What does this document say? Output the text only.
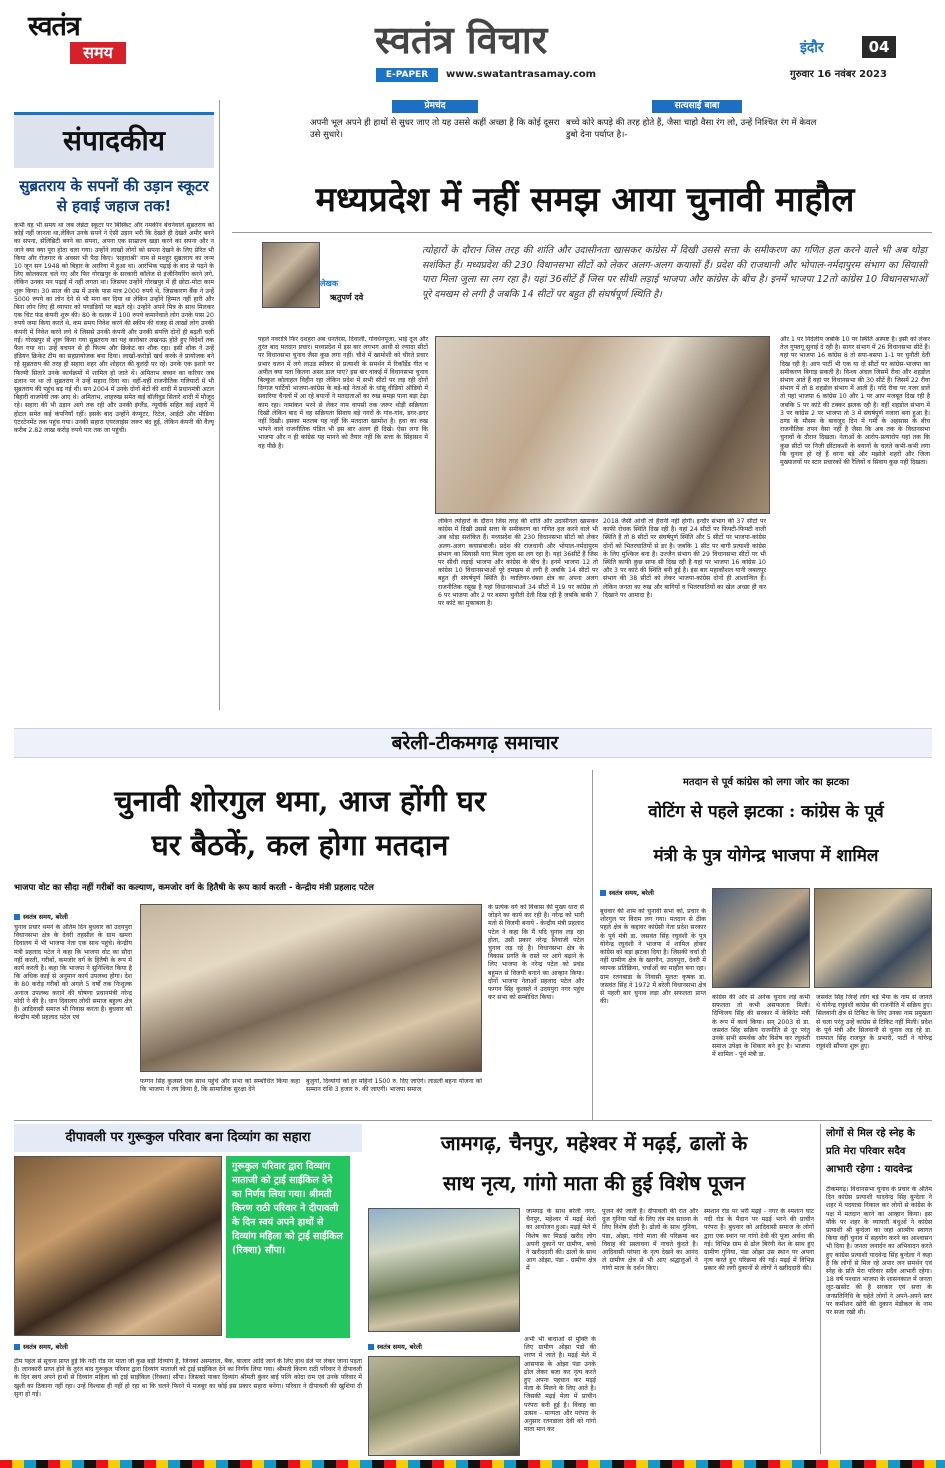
स्वतंत्र
समय	स्वतंत्र विचार
E-PAPER	www.swatantrasamay.com
इंदौर	04
गुरुवार 16 नवंबर 2023
संपादकीय
सुब्रतराय के सपनों की उड़ान स्कूटर से हवाई जहाज तक!
कभी वह भी समय था जब लंब्रेटा स्कूटर पर बिस्किट और नमकीन बेचनेवाले सुब्रतराय को कोई नहीं जानता था,लेकिन उनके सपने ने ऐसी उड़ान भरी कि देखते ही देखते अमीर बनने का सपना, सेलिब्रिटी बनने का सपना, अपना एक साम्राज्य खड़ा करने का सपना और न जाने क्या क्या पूरा होता चला गया। उन्होंने लाखों लोगों को सपना देखने के लिए प्रेरित भी किया और रोजगार के अवसर भी पैदा किए। 'सहाराश्री' नाम से मशहूर सुब्रतराय का जन्म 10 जून सन 1948 को बिहार के अररिया में हुआ था। आरंभिक पढ़ाई के बाद से पढ़ने के लिए कोलकाता चले गए और फिर गोरखपुर के सरकारी कॉलेज से इंजीनियरिंग करने लगे, लेकिन उनका मन पढ़ाई में नहीं लगता था। जिसपर उन्होंने गोरखपुर में ही छोटा-मोटा काम शुरू किया। 30 साल की उम्र में उनके पास मात्र 2000 रुपये थे, जिसकारण बैंक ने उन्हें 5000 रुपये का लोन देने से भी मना कर दिया था लेकिन उन्होंने हिम्मत नहीं हारी और बिना लोन लिए ही व्यापार को पगडंडियों पर बढ़ते रहे। उन्होंने अपने मित्र के साथ मिलकर एक चिट फंड कंपनी शुरू की। 80 के दशक में 100 रुपये कमानेवाले लोग उनके पास 20 रुपये जमा किया करते थे, कम समय निवेश करने की स्कीम की वजह से लाखों लोग उनकी कंपनी में निवेश करने लगे थे जिससे उनकी कंपनी और उनकी संपत्ति दोनों ही बढ़ती चली गई। गोरखपुर से शुरू किया गया सुब्रतराय का यह कारोबार लखनऊ होते हुए विदेशों तक फैल गया था। उन्हें बचपन से ही फिल्म और क्रिकेट का शौक रहा। इसी शौक ने उन्हें इंडियन क्रिकेट टीम का सहप्रायोजक बना दिया। लाखों-करोड़ों खर्च करके वे प्रायोजक बने रहे सुब्रतराय की तरह ही सहारा शहर और शोहरत की बुलंदी पर रहे। उनके एक इशारे पर फिल्मी सितारे उनके कार्यक्रमों में शामिल हो जाते थे। अमिताभ बच्चन का करियर जब ढलान पर था तो सुब्रतराय ने उन्हें सहारा दिया था। वहीं-वहीं राजनीतिक गलियारों में भी सुब्रतराय की पहुंच बढ़ गई थी। सन 2004 में उनके दोनों बेटों की शादी में प्रधानमंत्री अटल बिहारी वाजपेयी तक आए थे। अमिताभ, शाहरुख समेत कई बॉलीवुड सितारे शादी में मौजूद रहे। सहारा की भी उड़ान आगे तक रही और उनकी इंग्लैंड, न्यूयॉर्क सहित कई शहरों में होटल समेत कई कंपनियाँ रहीं। इसके बाद उन्होंने कंप्यूटर, रिटेल, आईटी और मीडिया एंटरटेनमेंट तक पहुंच गया। उनकी सहारा एयरलाइंस जरूर बंद हुई, लेकिन कंपनी की वैल्यू करीब 2.82 लाख करोड़ रुपये पार तक जा पहुंची।
प्रेमचंद
अपनी भूल अपने ही हाथों से सुधर जाए तो यह उससे कहीं अच्छा है कि कोई दूसरा उसे सुधारे।
सत्यसाई बाबा
बच्चे कोरे कपड़े की तरह होते हैं, जैसा चाहो वैसा रंग लो, उन्हें निश्चित रंग में केवल डुबो देना पर्याप्त है।-
मध्यप्रदेश में नहीं समझ आया चुनावी माहौल
लेखक
ऋतुपर्ण दवे
त्योहारों के दौरान जिस तरह की शांति और उदासीनता खासकर कांग्रेस में दिखी उससे सत्ता के समीकरण का गणित हल करने वाले भी अब थोड़ा सशंकित हैं। मध्यप्रदेश की 230 विधानसभा सीटों को लेकर अलग-अलग कयासों हैं। प्रदेश की राजधानी और भोपाल-नर्मदापुरम संभाग का सियासी पारा मिला जुला सा लग रहा है। यहां 36सीटें हैं जिस पर सीधी लड़ाई भाजपा और कांग्रेस के बीच है। इनमें भाजपा 12तो कांग्रेस 10 विधानसभाओं पूरे दमखम से लगी है जबकि 14 सीटों पर बहुत ही संघर्षपूर्ण स्थिति है।
पहले नवरात्रि फिर दशहरा अब धनतेरस, दिवाली, गोवर्धनपूजा, भाई दूज और तुरंत बाद मतदान प्रचार। मध्यप्रदेश में इस बार लगभग आधी से ज्यादा सीटों पर विधानसभा चुनाव जैसा कुछ लगा नहीं। चौथे में खामोशी को चीरते प्रचार प्रभार चलन में लगे लाउड स्पीकर से प्रत्याशी के समर्थन में रिकॉर्डेड गीत व अपील क्या पता कितना असर डाल पाए? इस बार वाकई में विधानसभा चुनाव बिल्कुल कोलाहल विहीन रहा लेकिन प्रदेश में सभी सीटों पर लड़ रही दोनों दिग्गज पार्टियों भाजपा-कांग्रेस के बड़े-बड़े नेताओं के धांसू वीडियो ऑडियो में सवारिया चैनलों में आ रहे बयानों ने मतदाताओं का रुख समझ पाना बड़ा टेढ़ा काम रहा। नामांकन भरने से लेकर नाम वापसी तक जरूर थोड़ी सक्रियता दिखी लेकिन बाद में वह सक्रियता सिवाय बड़े नगरों के गांव-गांव, डगर-डगर नहीं दिखी। इसका मतलब यह नहीं कि मतदाता खामोश है। हवा का रुख भांपने वाले राजनीतिक पंडित भी इस बार अलग ही दिखे। ऐसा लगा कि भाजपा और न ही कांग्रेस यह मानने को तैयार नहीं कि सत्ता के सिंहासन में वह पीछे है।
लेकिन त्योहारों के दौरान जिस तरह की शांति और उदासीनता खासकर कांग्रेस में दिखी उससे सत्ता के समीकरण का गणित हल करने वाले भी अब थोड़ा सशंकित हैं। मध्यप्रदेश की 230 विधानसभा सीटों को लेकर अलग-अलग कयासबाजी। प्रदेश की राजधानी और भोपाल-नर्मदापुरम संभाग का सियासी पारा मिला जुला सा लग रहा है। यहां 36सीटें हैं जिस पर सीधी लड़ाई भाजपा और कांग्रेस के बीच है। इनमें भाजपा 12 तो कांग्रेस 10 विधानसभाओं पूरे दमखम से लगी है जबकि 14 सीटों पर बहुत ही संघर्षपूर्ण स्थिति है। ग्वालियर-चंबल क्षेत्र का अपना अलग राजनीतिक रसूख है यहां विधानसभाओं 34 सीटों में 19 पर कांग्रेस तो 6 पर भाजपा और 2 पर बसपा चुनौती देती दिख रही है जबकि बाकी 7 पर कांटे का मुकाबला है।
2018 जैसी आंधी तो हैरानी नहीं होगी। इन्दौर संभाग की 37 सीटों पर काफी रोचक स्थिति दिख रही है। यहां 24 सीटों पर फिफ्टी-फिफ्टी वाली स्थिति है तो 8 सीटों पर संघर्षपूर्ण स्थिति और 5 सीटों पर भाजपा-कांग्रेस दोनों को भितरघातियों से डर है। जबकि 1 सीट पर बागी प्रत्याशी कांग्रेस के लिए मुश्किल बना है। उज्जैन संभाग की 29 विधानसभा सीटों पर भी स्थिति काफी कुछ साफ सी दिख रही है यहां पर भाजपा 16 कांग्रेस 10 और 3 पर कांटे की स्थिति बनी हुई है। इस बार महाकौशल यानी जबलपुर संभाग की 38 सीटों को लेकर भाजपा-कांग्रेस दोनों ही आशान्वित हैं। लेकिन जनता का रुख और बागियों व भितरघातियों का खेल अच्छा ही कर दिखाने पर आमादा है।
और 1 पर निर्दलीय जबकि 10 पर स्थिति अस्पष्ट है। इसी को लेकर तेज गुफ्तगू सुनाई दे रही है। सागर संभाग में 26 विधानसभा सीटें हैं। यहां पर भाजपा 16 कांग्रेस 8 तो सपा-बसपा 1-1 पर चुनौती देती दिख रही है। आप पार्टी भी एक या दो सीटों पर कांग्रेस-भाजपा का समीकरण बिगाड़ सकती है। विन्ध्य अंचल जिसमें रीवा और शहडोल संभाग आते हैं वहां पर विधानसभा की 30 सीटें हैं। जिसमें 22 रीवा संभाग में तो 8 शहडोल संभाग में आती हैं। यदि रीवा पर नजर डालें तो यहां भाजपा 6 कांग्रेस 10 और 1 पर आप मजबूत दिख रही है जबकि 5 पर कांटे की टक्कर झलक रही है। वहीं शहडोल संभाग में 3 पर कांग्रेस 2 पर भाजपा तो 3 में संघर्षपूर्ण नजारा बना हुआ है। ठण्ड के मौसम के बावजूद दिन में गर्मी के अहसास के बीच राजनीतिक तपन वैसा नहीं है जैसा कि अब तक के विधानसभा चुनावों के दौरान दिखता। नेताओं के आरोप-प्रत्यारोप यहां तक कि कुछ सीटों पर निजी छींटाकशी के बयानों के चलते कभी-कभी लगा कि चुनाव हो रहे हैं वरना बड़े और मझोले शहरों और जिला मुख्यालयों पर स्टार प्रचारकों की रैलियों व सिवाय कुछ नहीं दिखता।
बरेली-टीकमगढ़ समाचार
चुनावी शोरगुल थमा, आज होंगी घर
घर बैठकें, कल होगा मतदान
भाजपा वोट का सौदा नहीं गरीबों का कल्याण, कमजोर वर्ग के हितैषी के रूप कार्य करती - केन्द्रीय मंत्री प्रहलाद पटेल
स्वतंत्र समय, बरेली
चुनाव प्रचार थमने के अंतिम दिन बुधवार को उदयपुरा विधानसभा क्षेत्र के देवरी तहसील के ग्राम खमरा दिवालय में भी भाजपा नेता एक साथ पहुंचे। केन्द्रीय मंत्री प्रहलाद पटेल ने कहा कि भाजपा वोट का सौदा नहीं करती, गरीबों, कमजोर वर्ग के हितैषी के रूप में कार्य करती है। कहा कि भाजपा ने सुनिश्चित किया है कि अधिक काई से अनुमान कार्य उपलब्ध होगा। देश के 80 करोड़ गरीबों को अगले 5 वर्षों तक निःशुल्क अनाज उपलब्ध कराने की घोषणा प्रधानमंत्री नरेन्द्र मोदी ने की है। धान दिवालय लोधी समाज बहुल्य क्षेत्र है। आदिवासी समाज भी निवास करता है। बुधवार को केन्द्रीय मंत्री प्रहलाद पटेल एवं
फग्गन सिंह कुलस्ते एक साथ पहुंचे और सभा को सम्बोधित किया कहा कि भाजपा ने तय किया है, कि सामाजिक सुरक्षा देने
बुजुर्गो, दिव्यांगो को हर महिनो 1500 रु. दिए जाएंगे। लाडली बहना योजना को सम्मान राशि 3 हजार रु. की जाएगी। भाजपा समाज
के प्रत्येक वर्ग को विकास की मुख्य धारा से जोड़ने का कार्य कर रही है। नरेन्द्र को भारी मतो से विजयी बनाये - केन्द्रीय मंत्री प्रहलाद पटेल ने कहा कि मैं यदि चुनाव लड़ रहा होता, उसी प्रकार नरेन्द्र शिवाजी पटेल चुनाव लड़ रहे है। विधानसभा क्षेत्र के विकास प्रगति के रास्ते पर आगे बढ़ाने के लिए भाजपा के नरेन्द्र पटेल को प्रचंड बहुमत से विजयी बनाने का आव्हान किया। दोनों भाजपा नेताओं प्रहलाद पटेल और फग्गन सिंह कुलस्ते ने उदयपुरा नगर पहुंच कर सभा को सम्बोधित किया।
मतदान से पूर्व कांग्रेस को लगा जोर का झटका
वोटिंग से पहले झटका : कांग्रेस के पूर्व
मंत्री के पुत्र योगेन्द्र भाजपा में शामिल
स्वतंत्र समय, बरेली
बुधवार की शाम को चुनावी सभा को, प्रचार के शोरगुल पर विराम लग गया। मतदान से ठीक पहले क्षेत्र के कद्दावर कांग्रेसी नेता प्रदेश सरकार के पूर्व मंत्री डा. जसवंत सिंह रघुवंशी के पुत्र योगेन्द्र रघुवंशी ने भाजपा में शामिल होकर कांग्रेस को बड़ा झटका दिया है। जिसकी चर्चा ही नहीं ग्रामीण क्षेत्र के खरगौन, उदयपुरा, देवरी में व्यापक प्रतिक्रिया, चर्चाओं का माहौल बना रहा। ग्राम रतनबाडा के निवासी मूलतः कृषक डा. जसवंत सिंह ने 1972 में बरेली विधानसभा क्षेत्र से पहली बार चुनाव लड़ा और सफलता प्राप्त की।
कांग्रेस की ओर से अनेक चुनाव लड़े कभी सफलता तो कभी असफलता मिली। दिग्विजय सिंह की सरकार में केबिनेट मंत्री के रूप में कार्य किया। सन् 2003 से डा. जसवंत सिंह सक्रिय राजनीति से दूर परंतु उनके सभी समर्थक और विशेष कर रघुवंशी समाज उपेक्षा के शिकार बने हुए है। भाजपा में शामिल - पूर्व मंत्री डा.
जसवंत सिंह जिन्हें लोग बड़े भैया के नाम से जानते थे योगेन्द्र रघुवंशी कांग्रेस की राजनीति में सक्रिय हुए। सिलवानी क्षेत्र से टिकिट के लिए उनका नाम प्रमुखता से चला परंतु उन्हें कांग्रेस से टिकिट नहीं मिली। प्रदेश के पूर्व मंत्री और सिलवानी से चुनाव लड़ रहे डा. रामपाल सिंह राजपूत के प्रभारी, पार्टी ने योगेन्द्र रघुवंशी सौंपना शुरू हुए।
दीपावली पर गुरूकुल परिवार बना दिव्यांग का सहारा
गुरूकुल परिवार द्वारा दिव्यांग माताजी को ट्राई साईकिल देने का निर्णय लिया गया। श्रीमती किरण राठी परिवार ने दीपावली के दिन स्वयं अपने हाथों से दिव्यांग महिला को ट्राई साईकिल (रिक्शा) सौंपा।
स्वतंत्र समय, बरेली
टीम पहल से सूचना प्राप्त हुई कि नदी रोड पर माता जी कुछ बड़ी दिव्यांग है, जिनको अस्पताल, बैंक, बाजार आदि जाने के लिए हाथ डेले पर लेकर जाना पड़ता है। जानकारी प्राप्त होने के तुरंत बाद गुरूकुल परिवार द्वारा दिव्यांग माताजी को ट्राई साईकिल देने का निर्णय लिया गया। श्रीमती किरण राठी परिवार ने दीपावली के दिन स्वयं अपने हाथों से दिव्यांग महिला को ट्राई साईकिल (रिक्शा) सौंपा। जिसको पाकर दिव्यांग श्रीमती कुंवर बाई पत्नि कोदा राम एवं उनके परिवार में खुशी का ठिकाना नहीं रहा। उन्हें विश्वास ही नहीं हो रहा था कि चलने फिरने में मजबूर का कोई इस प्रकार सहारा बनेगा। परिवार ने दीपावली की खुशियां दी सुना हो गई।
जामगढ़, चैनपुर, महेश्वर में मढ़ई, ढालों के
साथ नृत्य, गांगो माता की हुई विशेष पूजन
जामगढ़ के साथ बरेली नगर, चैनपुर, महेश्वर में मढ़ई मेलों का आयोजन हुआ। मढ़ई मेले में विशेष कर मिठाई खरीद लोग अपनी दुकानें पर ग्रामीण, बच्चे ने खरीददारी की। ढालों के साथ आग ओझा, पंडा - ग्रामीण क्षेत्र में
स्वतंत्र समय, बरेली
अभी भी बाधाओं से मुक्ति के लिए ग्रामीण ओझा पंडो की शरण में जाते है। मढ़ई मेले में आसपास के ओझा पंडा उनके ढोल लेकर बजा कर नृत्य करते हुए अपना पहचान कर मढ़ई मेला के मिलने के लिए आते है। जिसकी मढ़ई मेला में प्राचीन परंपरा बनी हुई है। विवाह का उत्सव - मान्यता और परंपरा के अनुसार रतनडाला देवी को गांगो माता मान कर
पूजन की जाती है। दीपावली की रात और दूज गुनिया पंडों के लिए तंत्र मंत्र साधना के लिए विशेष होती है। ढोलो के साथ गुनिया, पंडा, ओझा, गांगो माता की परिक्रमा कर विवाह की प्रस्तावना में नाचते कुंदते है। आदिवासी परंपरा के नृत्य देखने का आनंद ले ग्रामीण क्षेत्र से भी आए श्रद्धालुओं ने गांगो माता के दर्शन किए।
स्मशान रोड पर भरी मढ़ई - नगर के श्मशान घाट नदी रोड के मैदान पर मढ़ई भरने की प्राचीन परंपरा है। बुधवार को आदिवासी समाज के लोगों द्वारा एक स्थान पर गांगो देवी की पूजा अर्चना की गई। विभिन्न ग्राम से ढोल बिरंगी वेश के साथ हुए ग्रामीण गुनिया, पंडा ओझा उस स्थान पर अपना नृत्य करते हुए परिक्रमा की गई। मढ़ई में विभिन्न प्रकार की लगी दुकानों से लोगों ने खरीददारी की।
लोगों से मिल रहे स्नेह के
प्रति मेरा परिवार सदैव
आभारी रहेगा : यादवेन्द्र
टीकमगढ़। विधानसभा चुनाव के प्रचार के अंतिम दिन कांग्रेस प्रत्याशी यादवेन्द्र सिंह बुन्देला ने शहर में पदयात्रा निकाल कर लोगों से कांग्रेस के पक्ष में मतदान करने का आव्हान किया। इस मौके पर शहर के व्यापारी बंधुओं ने कांग्रेस प्रत्याशी श्री बुन्देला का जहां आत्मीय स्वागत किया वहीं चुनाव में सहयोग करने का आश्वासन भी दिया है। जनता जनार्दन का अभिवादन करते हुए कांग्रेस प्रत्याशी यादवेन्द्र सिंह बुन्देला ने कहा है कि लोगों से मिल रहे अपार जन समर्थन एवं स्नेह के प्रति मेरा परिवार सदैव आभारी रहेगा। 18 वर्ष पश्चात भाजपा के शासनकाल में जनता लूट-खसोट की है सरकार एवं सत्ता के जनप्रतिनिधि के चहेते लोगों ने अपने-अपने स्तर पर कमीशन खोरी की दुकान मेडीकल के नाम पर सजा रखी थी।
